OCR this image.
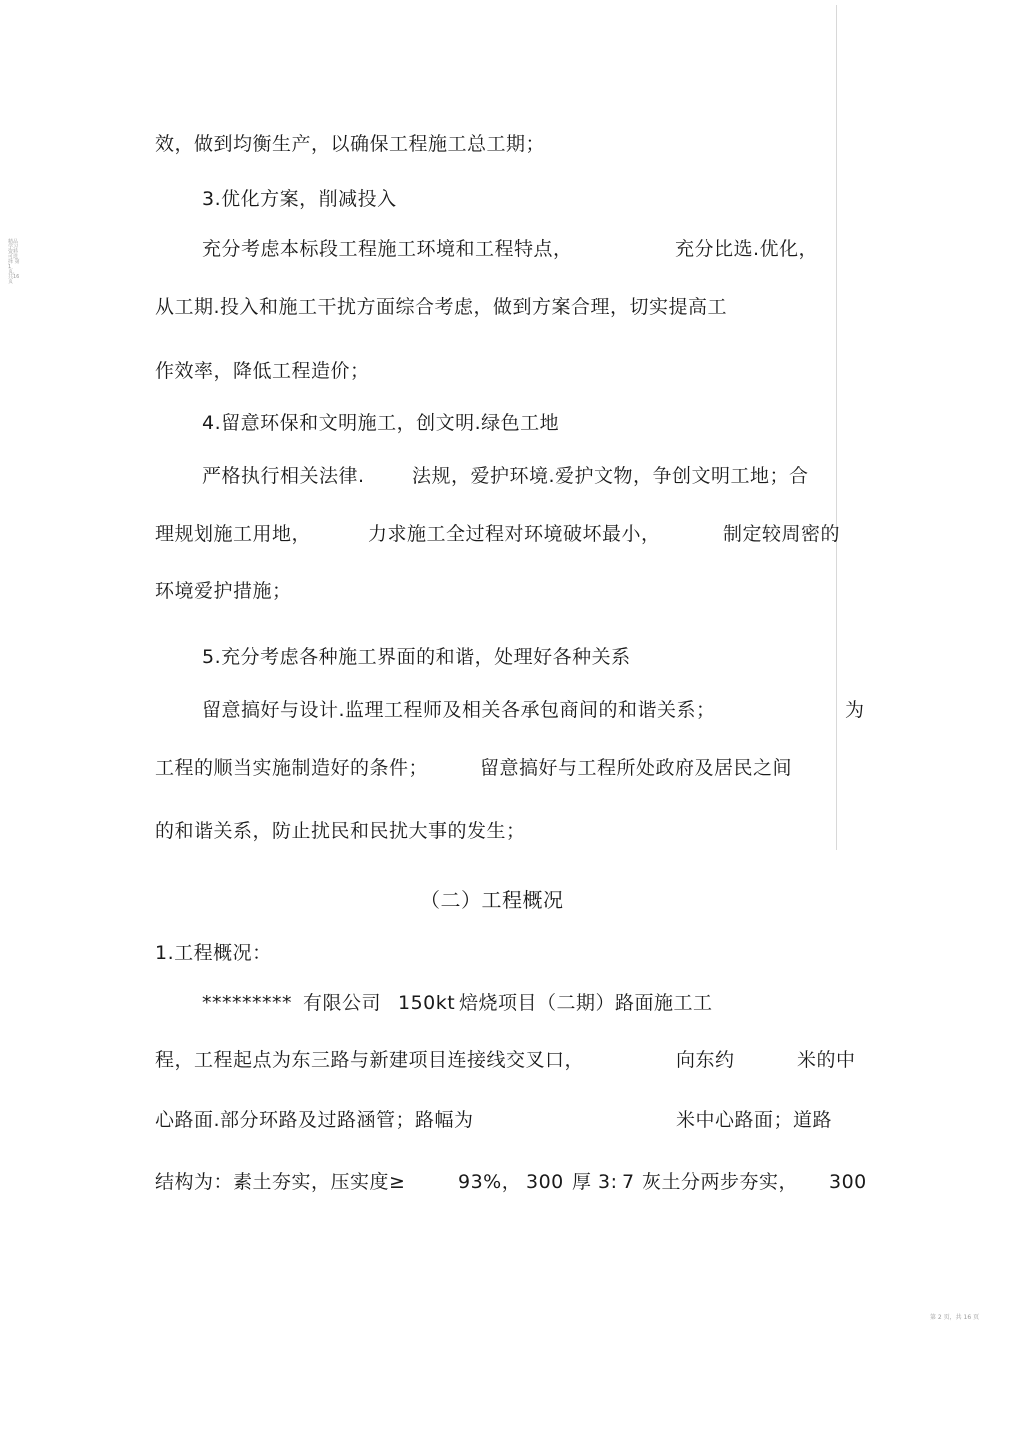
精品学习资料 可选择 第1页，共16页
效，做到均衡生产，以确保工程施工总工期；
3.优化方案，削减投入
充分考虑本标段工程施工环境和工程特点，	充分比选.优化，
从工期.投入和施工干扰方面综合考虑，做到方案合理，切实提高工
作效率，降低工程造价；
4.留意环保和文明施工，创文明.绿色工地
严格执行相关法律. 法规，爱护环境.爱护文物，争创文明工地；合
理规划施工用地，	力求施工全过程对环境破坏最小，	制定较周密的
环境爱护措施；
5.充分考虑各种施工界面的和谐，处理好各种关系
留意搞好与设计.监理工程师及相关各承包商间的和谐关系；	为
工程的顺当实施制造好的条件；	留意搞好与工程所处政府及居民之间
的和谐关系，防止扰民和民扰大事的发生；
（二）工程概况
1.工程概况：
********* 有限公司 150kt 焙烧项目（二期）路面施工工
程，工程起点为东三路与新建项目连接线交叉口，	向东约	米的中
心路面.部分环路及过路涵管；路幅为	米中心路面；道路
结构为：素土夯实，压实度≥	93%， 300 厚 3: 7 灰土分两步夯实， 300
第 2 页，共 16 页
